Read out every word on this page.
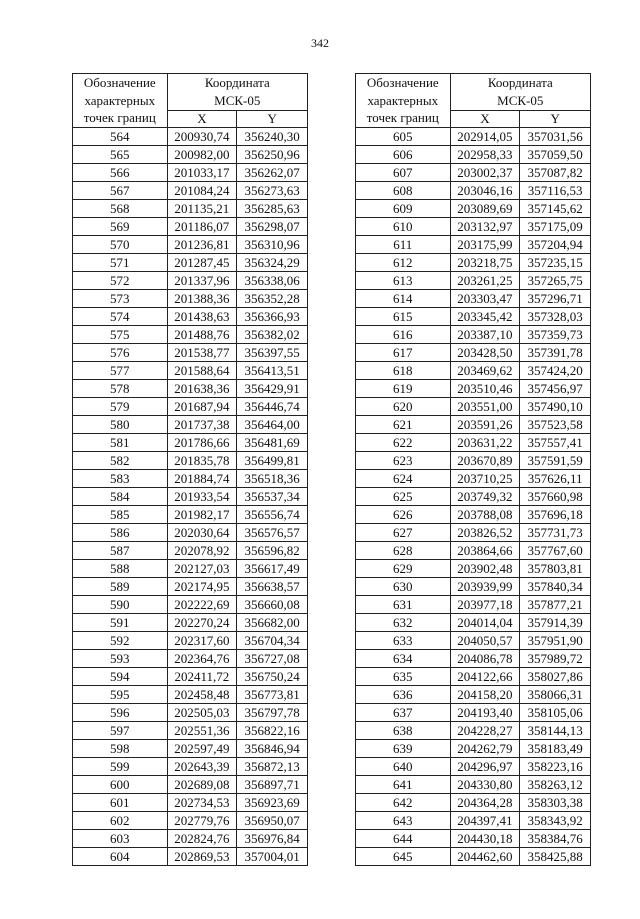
342
Обозначение
характерных
точек границ	Координата
МСК-05	
	X	Y
564	200930,74	356240,30
565	200982,00	356250,96
566	201033,17	356262,07
567	201084,24	356273,63
568	201135,21	356285,63
569	201186,07	356298,07
570	201236,81	356310,96
571	201287,45	356324,29
572	201337,96	356338,06
573	201388,36	356352,28
574	201438,63	356366,93
575	201488,76	356382,02
576	201538,77	356397,55
577	201588,64	356413,51
578	201638,36	356429,91
579	201687,94	356446,74
580	201737,38	356464,00
581	201786,66	356481,69
582	201835,78	356499,81
583	201884,74	356518,36
584	201933,54	356537,34
585	201982,17	356556,74
586	202030,64	356576,57
587	202078,92	356596,82
588	202127,03	356617,49
589	202174,95	356638,57
590	202222,69	356660,08
591	202270,24	356682,00
592	202317,60	356704,34
593	202364,76	356727,08
594	202411,72	356750,24
595	202458,48	356773,81
596	202505,03	356797,78
597	202551,36	356822,16
598	202597,49	356846,94
599	202643,39	356872,13
600	202689,08	356897,71
601	202734,53	356923,69
602	202779,76	356950,07
603	202824,76	356976,84
604	202869,53	357004,01
Обозначение
характерных
точек границ	Координата
МСК-05	
	X	Y
605	202914,05	357031,56
606	202958,33	357059,50
607	203002,37	357087,82
608	203046,16	357116,53
609	203089,69	357145,62
610	203132,97	357175,09
611	203175,99	357204,94
612	203218,75	357235,15
613	203261,25	357265,75
614	203303,47	357296,71
615	203345,42	357328,03
616	203387,10	357359,73
617	203428,50	357391,78
618	203469,62	357424,20
619	203510,46	357456,97
620	203551,00	357490,10
621	203591,26	357523,58
622	203631,22	357557,41
623	203670,89	357591,59
624	203710,25	357626,11
625	203749,32	357660,98
626	203788,08	357696,18
627	203826,52	357731,73
628	203864,66	357767,60
629	203902,48	357803,81
630	203939,99	357840,34
631	203977,18	357877,21
632	204014,04	357914,39
633	204050,57	357951,90
634	204086,78	357989,72
635	204122,66	358027,86
636	204158,20	358066,31
637	204193,40	358105,06
638	204228,27	358144,13
639	204262,79	358183,49
640	204296,97	358223,16
641	204330,80	358263,12
642	204364,28	358303,38
643	204397,41	358343,92
644	204430,18	358384,76
645	204462,60	358425,88
